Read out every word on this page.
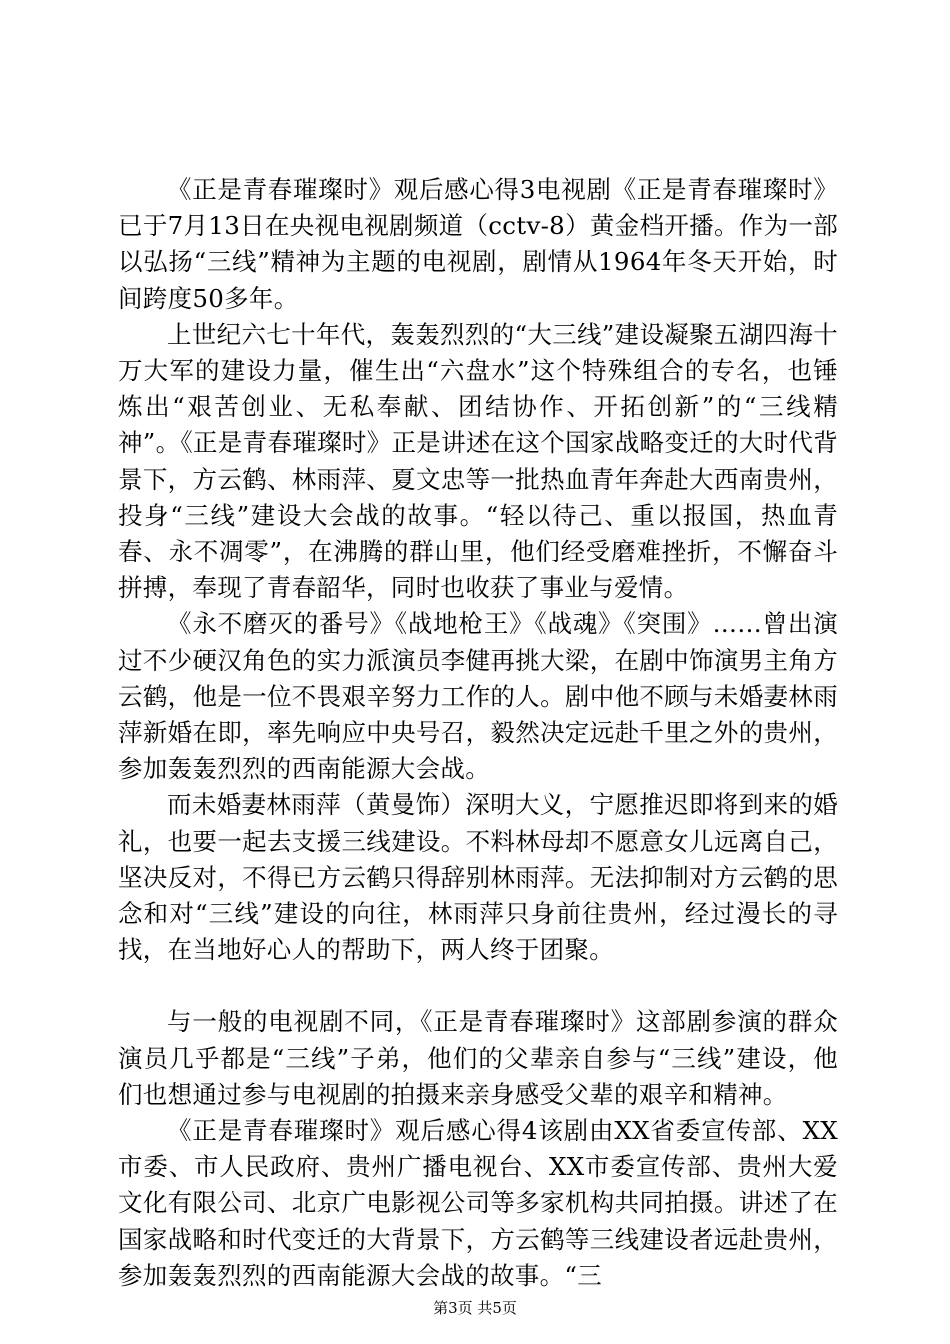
《正是青春璀璨时》观后感心得3电视剧《正是青春璀璨时》已于7月13日在央视电视剧频道（cctv-8）黄金档开播。作为一部以弘扬“三线”精神为主题的电视剧，剧情从1964年冬天开始，时间跨度50多年。

上世纪六七十年代，轰轰烈烈的“大三线”建设凝聚五湖四海十万大军的建设力量，催生出“六盘水”这个特殊组合的专名，也锤炼出“艰苦创业、无私奉献、团结协作、开拓创新”的“三线精神”。《正是青春璀璨时》正是讲述在这个国家战略变迁的大时代背景下，方云鹤、林雨萍、夏文忠等一批热血青年奔赴大西南贵州，投身“三线”建设大会战的故事。“轻以待己、重以报国，热血青春、永不凋零”，在沸腾的群山里，他们经受磨难挫折，不懈奋斗拼搏，奉现了青春韶华，同时也收获了事业与爱情。

《永不磨灭的番号》《战地枪王》《战魂》《突围》……曾出演过不少硬汉角色的实力派演员李健再挑大梁，在剧中饰演男主角方云鹤，他是一位不畏艰辛努力工作的人。剧中他不顾与未婚妻林雨萍新婚在即，率先响应中央号召，毅然决定远赴千里之外的贵州，参加轰轰烈烈的西南能源大会战。

而未婚妻林雨萍（黄曼饰）深明大义，宁愿推迟即将到来的婚礼，也要一起去支援三线建设。不料林母却不愿意女儿远离自己，坚决反对，不得已方云鹤只得辞别林雨萍。无法抑制对方云鹤的思念和对“三线”建设的向往，林雨萍只身前往贵州，经过漫长的寻找，在当地好心人的帮助下，两人终于团聚。

与一般的电视剧不同，《正是青春璀璨时》这部剧参演的群众演员几乎都是“三线”子弟，他们的父辈亲自参与“三线”建设，他们也想通过参与电视剧的拍摄来亲身感受父辈的艰辛和精神。

《正是青春璀璨时》观后感心得4该剧由XX省委宣传部、XX市委、市人民政府、贵州广播电视台、XX市委宣传部、贵州大爱文化有限公司、北京广电影视公司等多家机构共同拍摄。讲述了在国家战略和时代变迁的大背景下，方云鹤等三线建设者远赴贵州，参加轰轰烈烈的西南能源大会战的故事。“三

第3页 共5页
